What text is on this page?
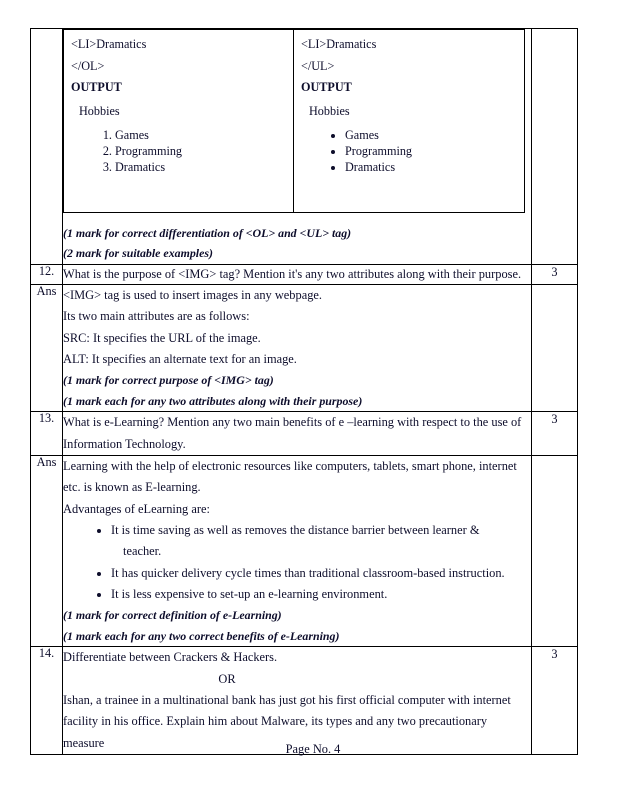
<LI>Dramatics

</OL>

OUTPUT

Hobbies

1. Games
2. Programming
3. Dramatics

<LI>Dramatics

</UL>

OUTPUT

Hobbies

• Games
• Programming
• Dramatics

(1 mark for correct differentiation of <OL> and <UL> tag)

(2 mark for suitable examples)

12.	What is the purpose of <IMG> tag? Mention it's any two attributes along with their purpose.	3
Ans	<IMG> tag is used to insert images in any webpage.

Its two main attributes are as follows:

SRC: It specifies the URL of the image.

ALT: It specifies an alternate text for an image.

(1 mark for correct purpose of <IMG> tag)

(1 mark each for any two attributes along with their purpose)

13.	What is e-Learning? Mention any two main benefits of e –learning with respect to the use of Information Technology.	3
Ans	Learning with the help of electronic resources like computers, tablets, smart phone, internet etc. is known as E-learning.

Advantages of eLearning are:

• It is time saving as well as removes the distance barrier between learner &
teacher.
• It has quicker delivery cycle times than traditional classroom-based instruction.
• It is less expensive to set-up an e-learning environment.

(1 mark for correct definition of e-Learning)

(1 mark each for any two correct benefits of e-Learning)

14.	Differentiate between Crackers & Hackers.

OR

Ishan, a trainee in a multinational bank has just got his first official computer with internet facility in his office. Explain him about Malware, its types and any two precautionary measure	3
Page No. 4
